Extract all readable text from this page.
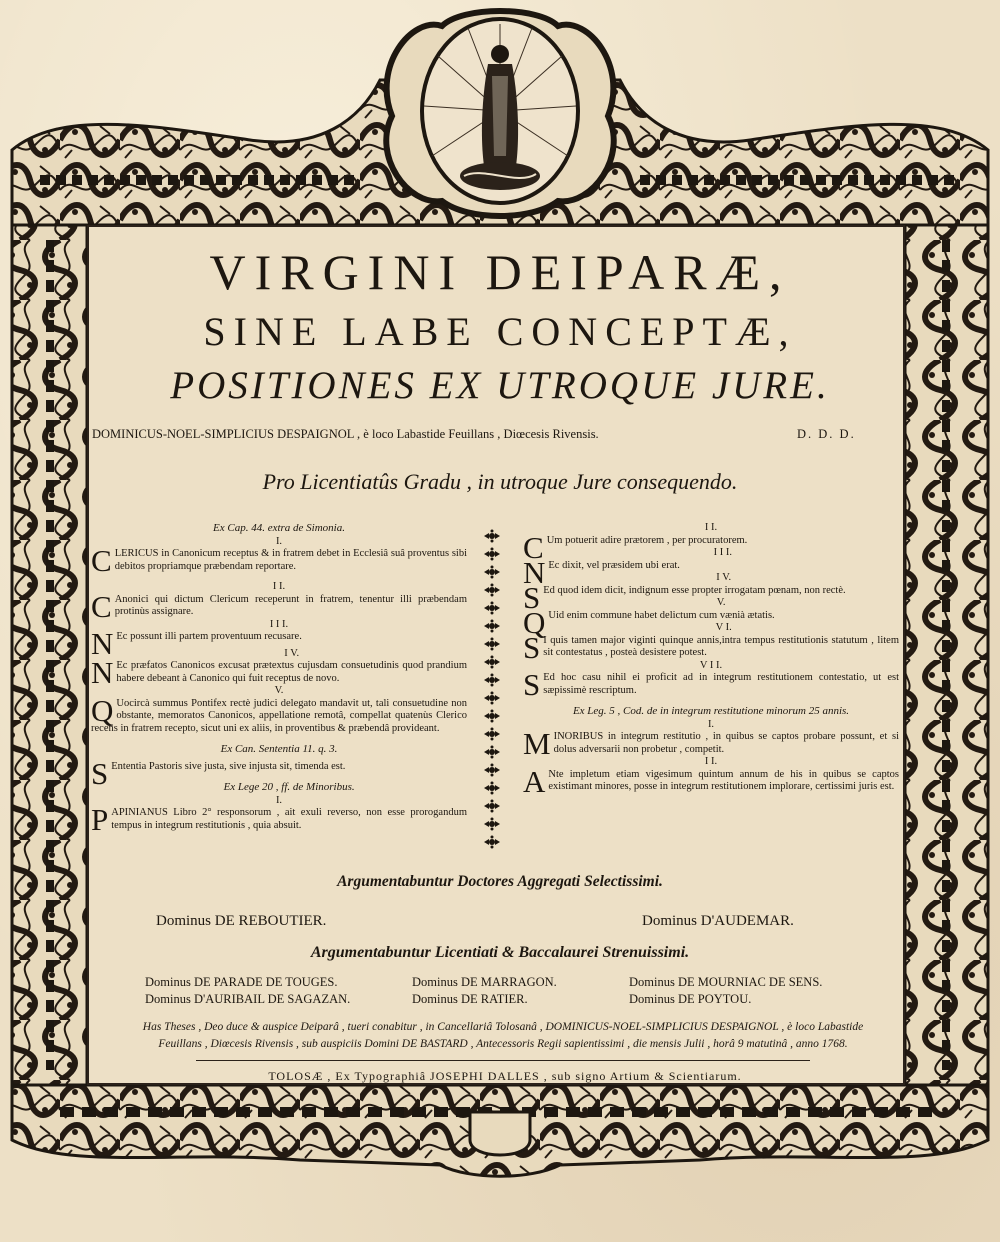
VIRGINI DEIPARÆ,
SINE LABE CONCEPTÆ,
POSITIONES EX UTROQUE JURE.
DOMINICUS-NOEL-SIMPLICIUS DESPAIGNOL , è loco Labastide Feuillans , Diœcesis Rivensis.	D. D. D.
Pro Licentiatûs Gradu , in utroque Jure consequendo.
Ex Cap. 44. extra de Simonia.
I.
CLERICUS in Canonicum receptus & in fratrem debet in Ecclesiâ suâ proventus sibi debitos propriamque præbendam reportare.
I I.
C Anonici qui dictum Clericum receperunt in fratrem, tenentur illi præbendam protinùs assignare.
I I I.
N Ec possunt illi partem proventuum recusare.
I V.
N Ec præfatos Canonicos excusat prætextus cujusdam consuetudinis quod prandium habere debeant à Canonico qui fuit receptus de novo.
V.
Q Uocircà summus Pontifex rectè judici delegato mandavit ut, tali consuetudine non obstante, memoratos Canonicos, appellatione remotâ, compellat quatenùs Clerico recens in fratrem recepto, sicut uni ex aliis, in proventibus & præbendâ provideant.
Ex Can. Sententia 11. q. 3.
S Ententia Pastoris sive justa, sive injusta sit, timenda est.
Ex Lege 20 , ff. de Minoribus.
I.
PAPINIANUS Libro 2° responsorum , ait exuli reverso, non esse prorogandum tempus in integrum restitutionis , quia absuit.
I I.
C Um potuerit adire prætorem , per procuratorem.
I I I.
N Ec dixit, vel præsidem ubi erat.
I V.
S Ed quod idem dicit, indignum esse propter irrogatam pœnam, non rectè.
V.
Q Uid enim commune habet delictum cum vænià ætatis.
V I.
S I quis tamen major viginti quinque annis,intra tempus restitutionis statutum , litem sit contestatus , posteà desistere potest.
V I I.
S Ed hoc casu nihil ei proficit ad in integrum restitutionem contestatio, ut est sæpissimè rescriptum.
Ex Leg. 5 , Cod. de in integrum restitutione minorum 25 annis.
I.
MINORIBUS in integrum restitutio , in quibus se captos probare possunt, et si dolus adversarii non probetur , competit.
I I.
A Nte impletum etiam vigesimum quintum annum de his in quibus se captos existimant minores, posse in integrum restitutionem implorare, certissimi juris est.
Argumentabuntur Doctores Aggregati Selectissimi.
Dominus DE REBOUTIER.	Dominus D'AUDEMAR.
Argumentabuntur Licentiati & Baccalaurei Strenuissimi.
Dominus DE PARADE DE TOUGES.	Dominus DE MARRAGON.	Dominus DE MOURNIAC DE SENS.
Dominus D'AURIBAIL DE SAGAZAN.	Dominus DE RATIER.	Dominus DE POYTOU.
Has Theses , Deo duce & auspice Deiparâ , tueri conabitur , in Cancellariâ Tolosanâ , DOMINICUS-NOEL-SIMPLICIUS DESPAIGNOL , è loco Labastide
Feuillans , Diœcesis Rivensis , sub auspiciis Domini DE BASTARD , Antecessoris Regii sapientissimi , die mensis Julii , horâ 9 matutinâ , anno 1768.
TOLOSÆ , Ex Typographiâ JOSEPHI DALLES , sub signo Artium & Scientiarum.
